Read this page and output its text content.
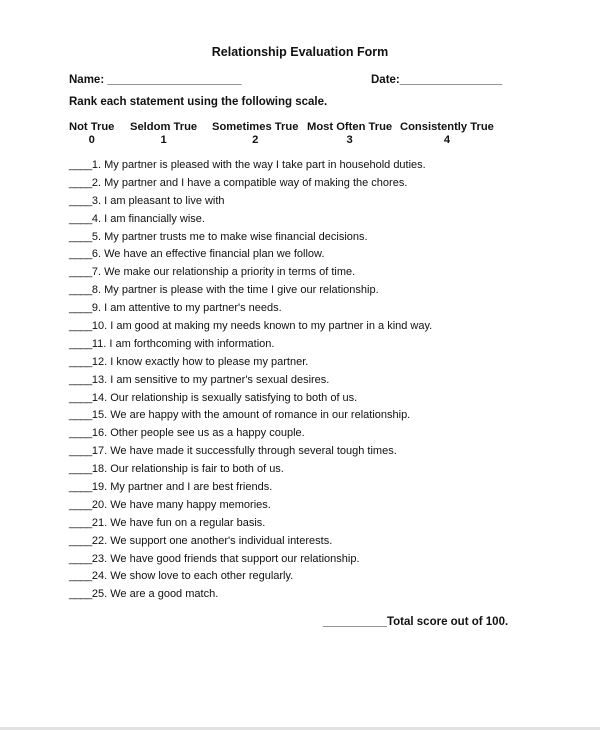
Relationship Evaluation Form
Name: _____________________	Date:________________
Rank each statement using the following scale.
Not True
0
Seldom True
1
Sometimes True
2
Most Often True
3
Consistently True
4
____1. My partner is pleased with the way I take part in household duties.
____2. My partner and I have a compatible way of making the chores.
____3. I am pleasant to live with
____4. I am financially wise.
____5. My partner trusts me to make wise financial decisions.
____6. We have an effective financial plan we follow.
____7. We make our relationship a priority in terms of time.
____8. My partner is please with the time I give our relationship.
____9. I am attentive to my partner's needs.
____10. I am good at making my needs known to my partner in a kind way.
____11. I am forthcoming with information.
____12. I know exactly how to please my partner.
____13. I am sensitive to my partner's sexual desires.
____14. Our relationship is sexually satisfying to both of us.
____15. We are happy with the amount of romance in our relationship.
____16. Other people see us as a happy couple.
____17. We have made it successfully through several tough times.
____18. Our relationship is fair to both of us.
____19. My partner and I are best friends.
____20. We have many happy memories.
____21. We have fun on a regular basis.
____22. We support one another's individual interests.
____23. We have good friends that support our relationship.
____24. We show love to each other regularly.
____25. We are a good match.
__________Total score out of 100.
